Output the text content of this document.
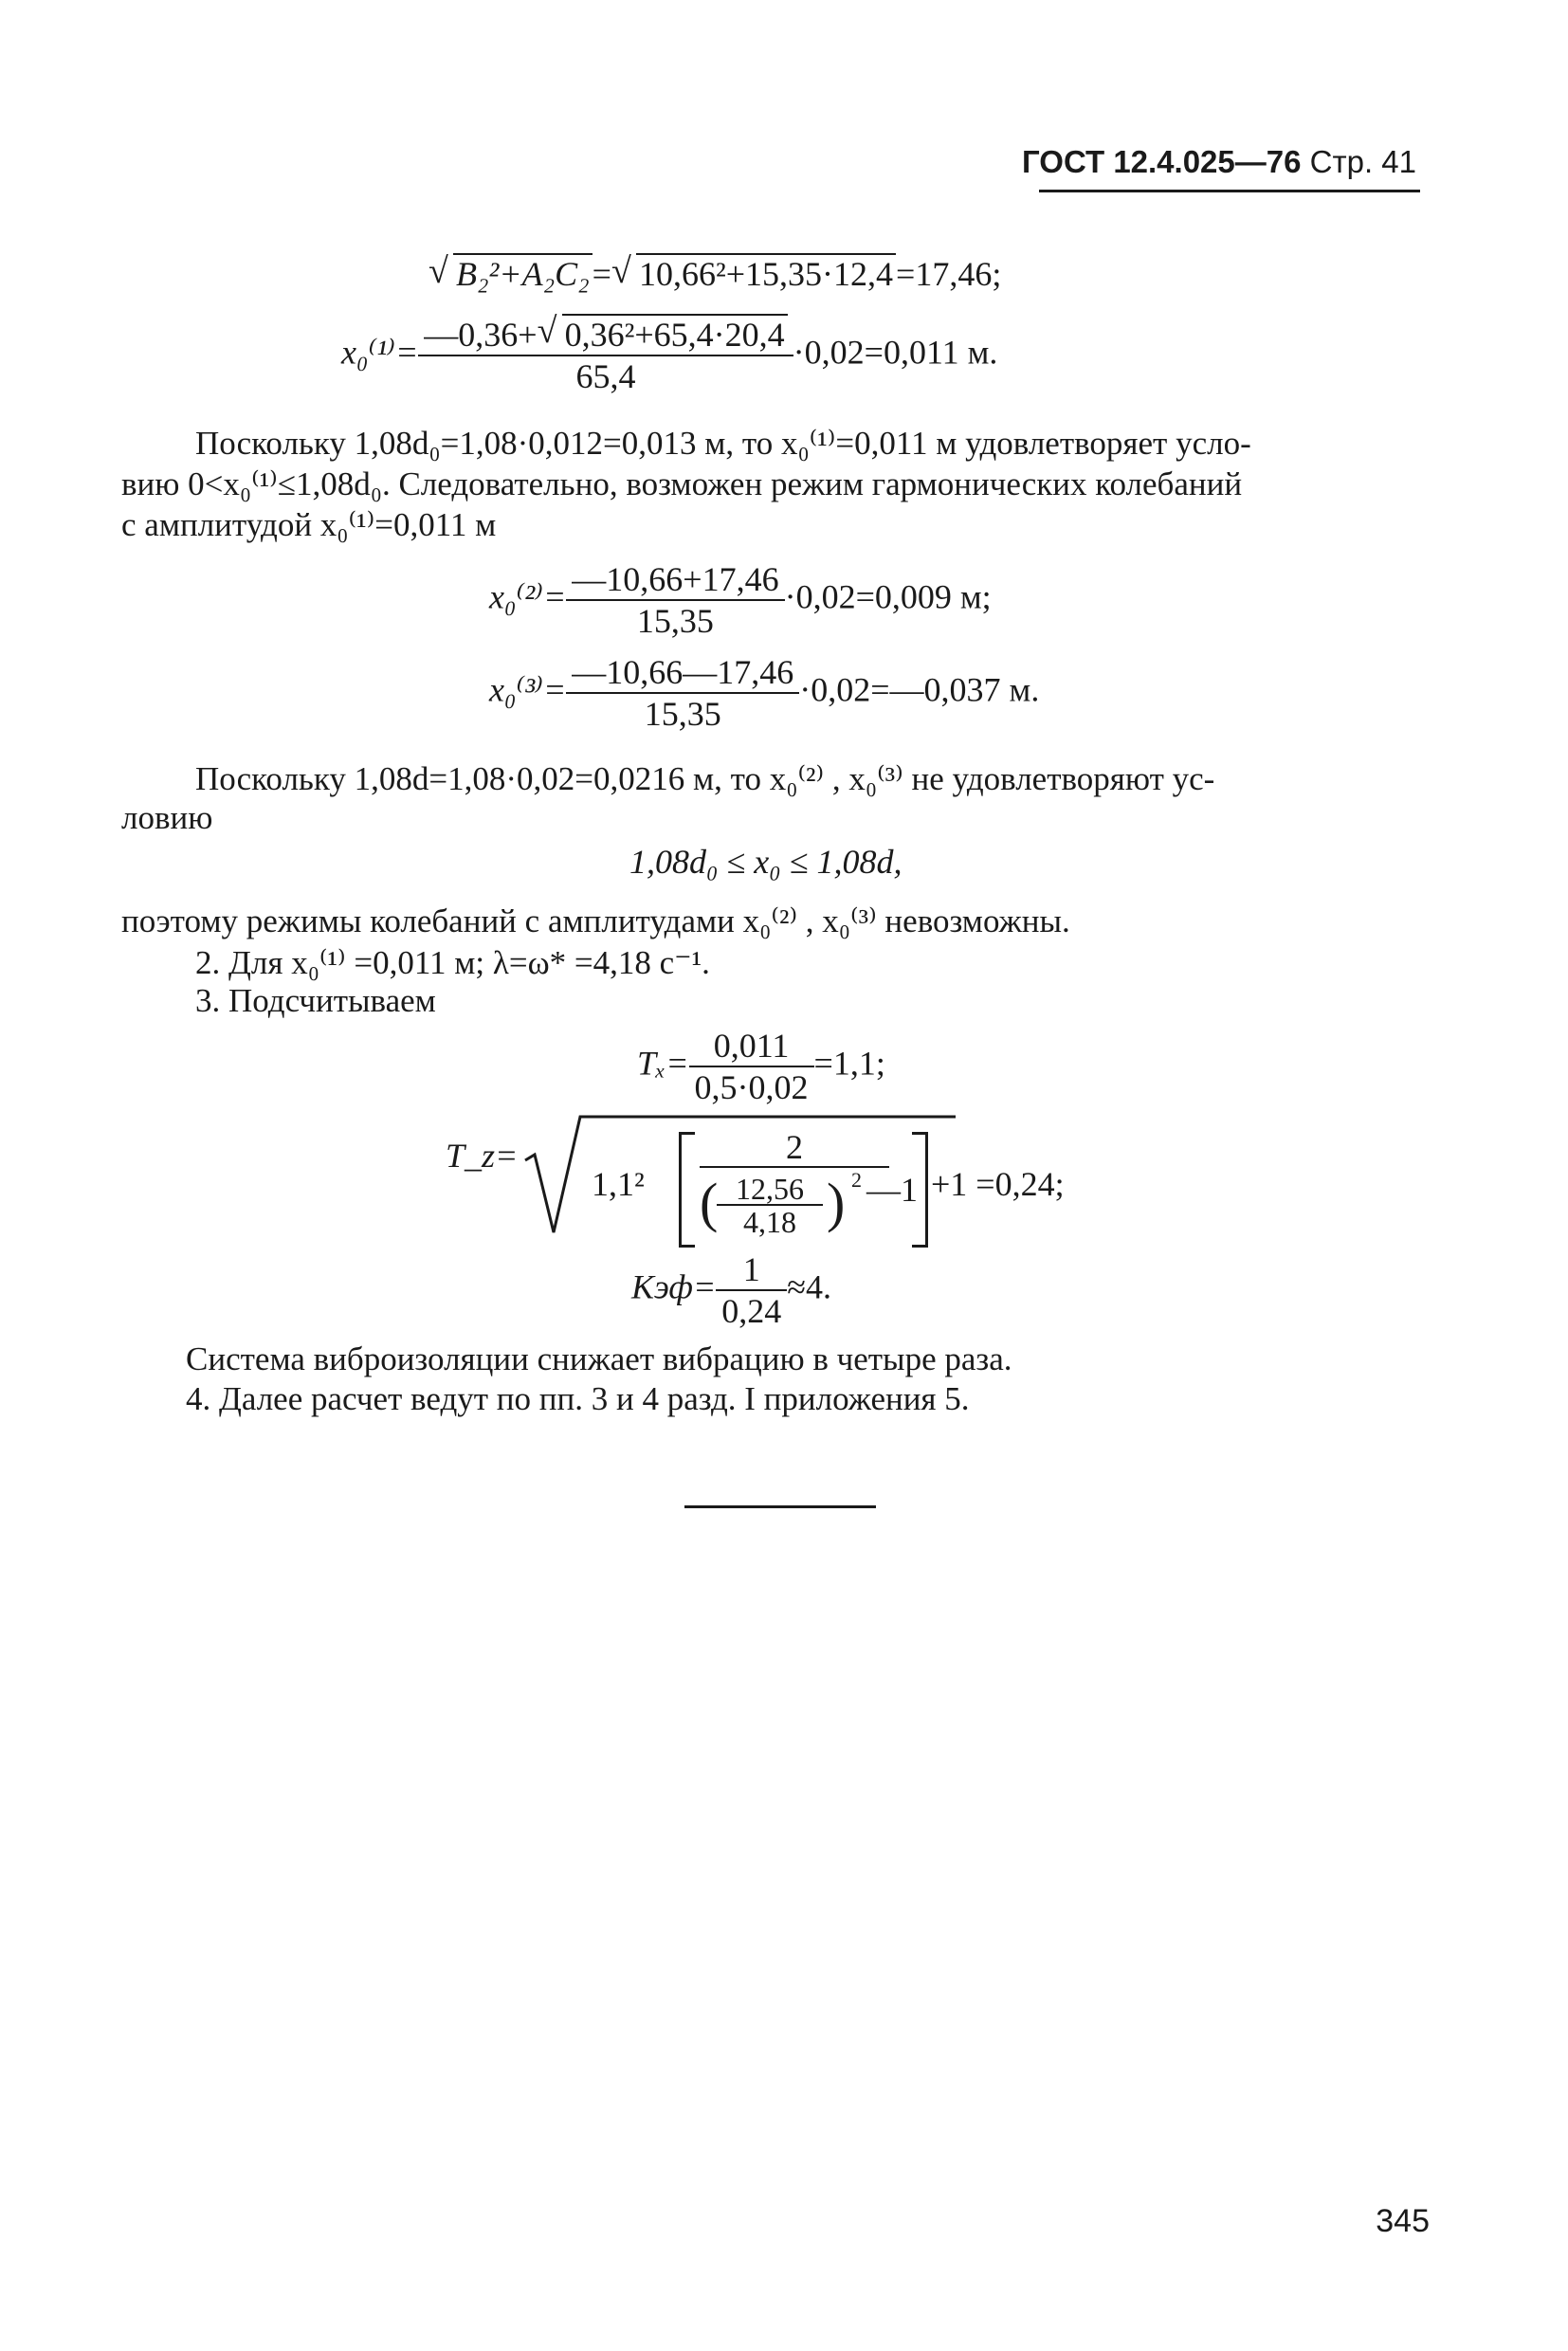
ГОСТ 12.4.025—76 Стр. 41
√ B₂²+A₂C₂= √ 10,66²+15,35·12,4=17,46;
$x_0^{(1)}= \frac{\text{—0,36+ √ 0,36²+65,4·20,4}}{65,4} \cdot 0,02=0,011$ м.
Поскольку 1,08d₀=1,08·0,012=0,013 м, то x₀⁽¹⁾=0,011 м удовлетворяет усло-
вию 0<x₀⁽¹⁾≤1,08d₀. Следовательно, возможен режим гармонических колебаний
с амплитудой x₀⁽¹⁾=0,011 м
$x_0^{(2)}= \frac{—10,66+17,46}{15,35} \cdot 0,02=0,009$ м;
$x_0^{(3)}= \frac{—10,66—17,46}{15,35}$ ·0,02=—0,037 м.
Поскольку 1,08d=1,08·0,02=0,0216 м, то x₀⁽²⁾ , x₀⁽³⁾ не удовлетворяют ус-
ловию
1,08d₀ ≤ x₀ ≤ 1,08d,
поэтому режимы колебаний с амплитудами x₀⁽²⁾ , x₀⁽³⁾ невозможны.
2. Для x₀⁽¹⁾ =0,011 м; λ=ω* =4,18 с⁻¹.
3. Подсчитываем
$T_x= \frac{0,011}{0,5\cdot 0,02} =1,1$;
T_z=
1,1²
2
( 12,56
4,18 ) 2 —1 +1 =0,24;
$Kэф= \frac{1}{0,24} \approx 4$.
Система виброизоляции снижает вибрацию в четыре раза.
4. Далее расчет ведут по пп. 3 и 4 разд. I приложения 5.
345
